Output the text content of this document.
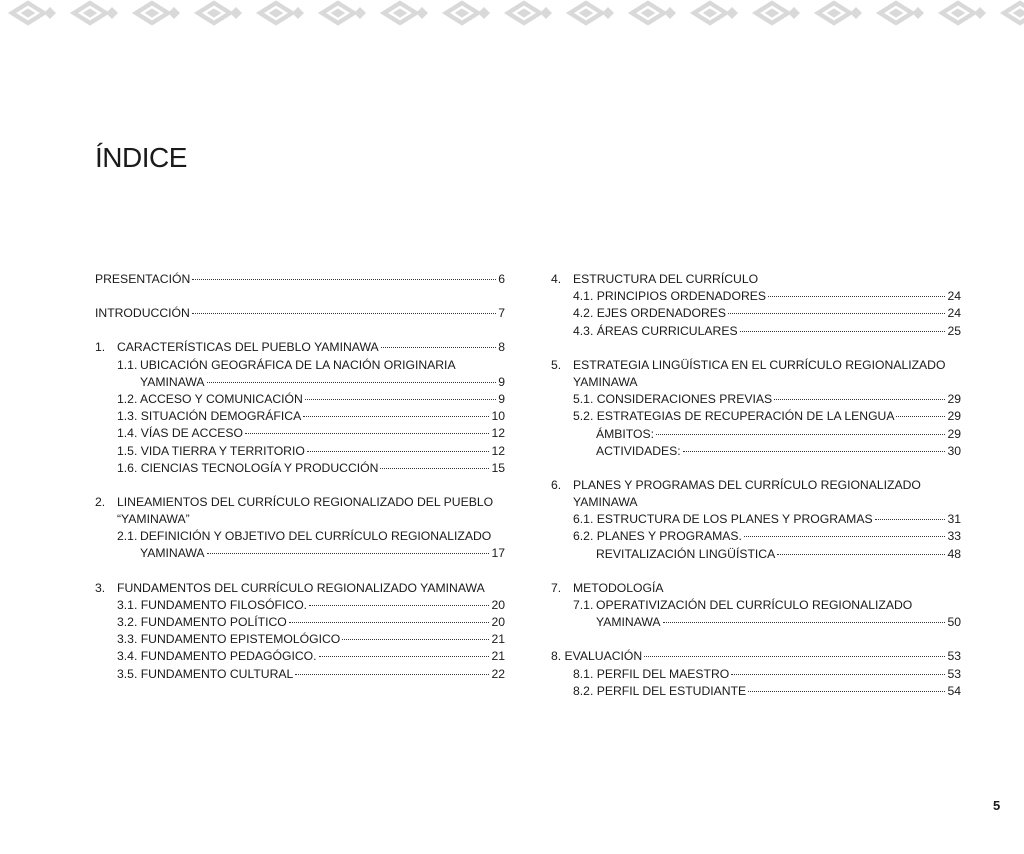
ÍNDICE
PRESENTACIÓN	6
INTRODUCCIÓN	7
1. CARACTERÍSTICAS DEL PUEBLO YAMINAWA	8
1.1. UBICACIÓN GEOGRÁFICA DE LA NACIÓN ORIGINARIA
YAMINAWA	9
1.2. ACCESO Y COMUNICACIÓN	9
1.3. SITUACIÓN DEMOGRÁFICA	10
1.4. VÍAS DE ACCESO	12
1.5. VIDA TIERRA Y TERRITORIO	12
1.6. CIENCIAS TECNOLOGÍA Y PRODUCCIÓN	15
2. LINEAMIENTOS DEL CURRÍCULO REGIONALIZADO DEL PUEBLO
“YAMINAWA”
2.1. DEFINICIÓN Y OBJETIVO DEL CURRÍCULO REGIONALIZADO
YAMINAWA	17
3. FUNDAMENTOS DEL CURRÍCULO REGIONALIZADO YAMINAWA
3.1. FUNDAMENTO FILOSÓFICO.	20
3.2. FUNDAMENTO POLÍTICO	20
3.3. FUNDAMENTO EPISTEMOLÓGICO	21
3.4. FUNDAMENTO PEDAGÓGICO.	21
3.5. FUNDAMENTO CULTURAL	22
4. ESTRUCTURA DEL CURRÍCULO
4.1. PRINCIPIOS ORDENADORES	24
4.2. EJES ORDENADORES	24
4.3. ÁREAS CURRICULARES	25
5. ESTRATEGIA LINGÜÍSTICA EN EL CURRÍCULO REGIONALIZADO
YAMINAWA
5.1. CONSIDERACIONES PREVIAS	29
5.2. ESTRATEGIAS DE RECUPERACIÓN DE LA LENGUA	29
ÁMBITOS:	29
ACTIVIDADES:	30
6. PLANES Y PROGRAMAS DEL CURRÍCULO REGIONALIZADO
YAMINAWA
6.1. ESTRUCTURA DE LOS PLANES Y PROGRAMAS	31
6.2. PLANES Y PROGRAMAS.	33
REVITALIZACIÓN LINGÜÍSTICA	48
7. METODOLOGÍA
7.1. OPERATIVIZACIÓN DEL CURRÍCULO REGIONALIZADO
YAMINAWA	50
8. EVALUACIÓN	53
8.1. PERFIL DEL MAESTRO	53
8.2. PERFIL DEL ESTUDIANTE	54
5
